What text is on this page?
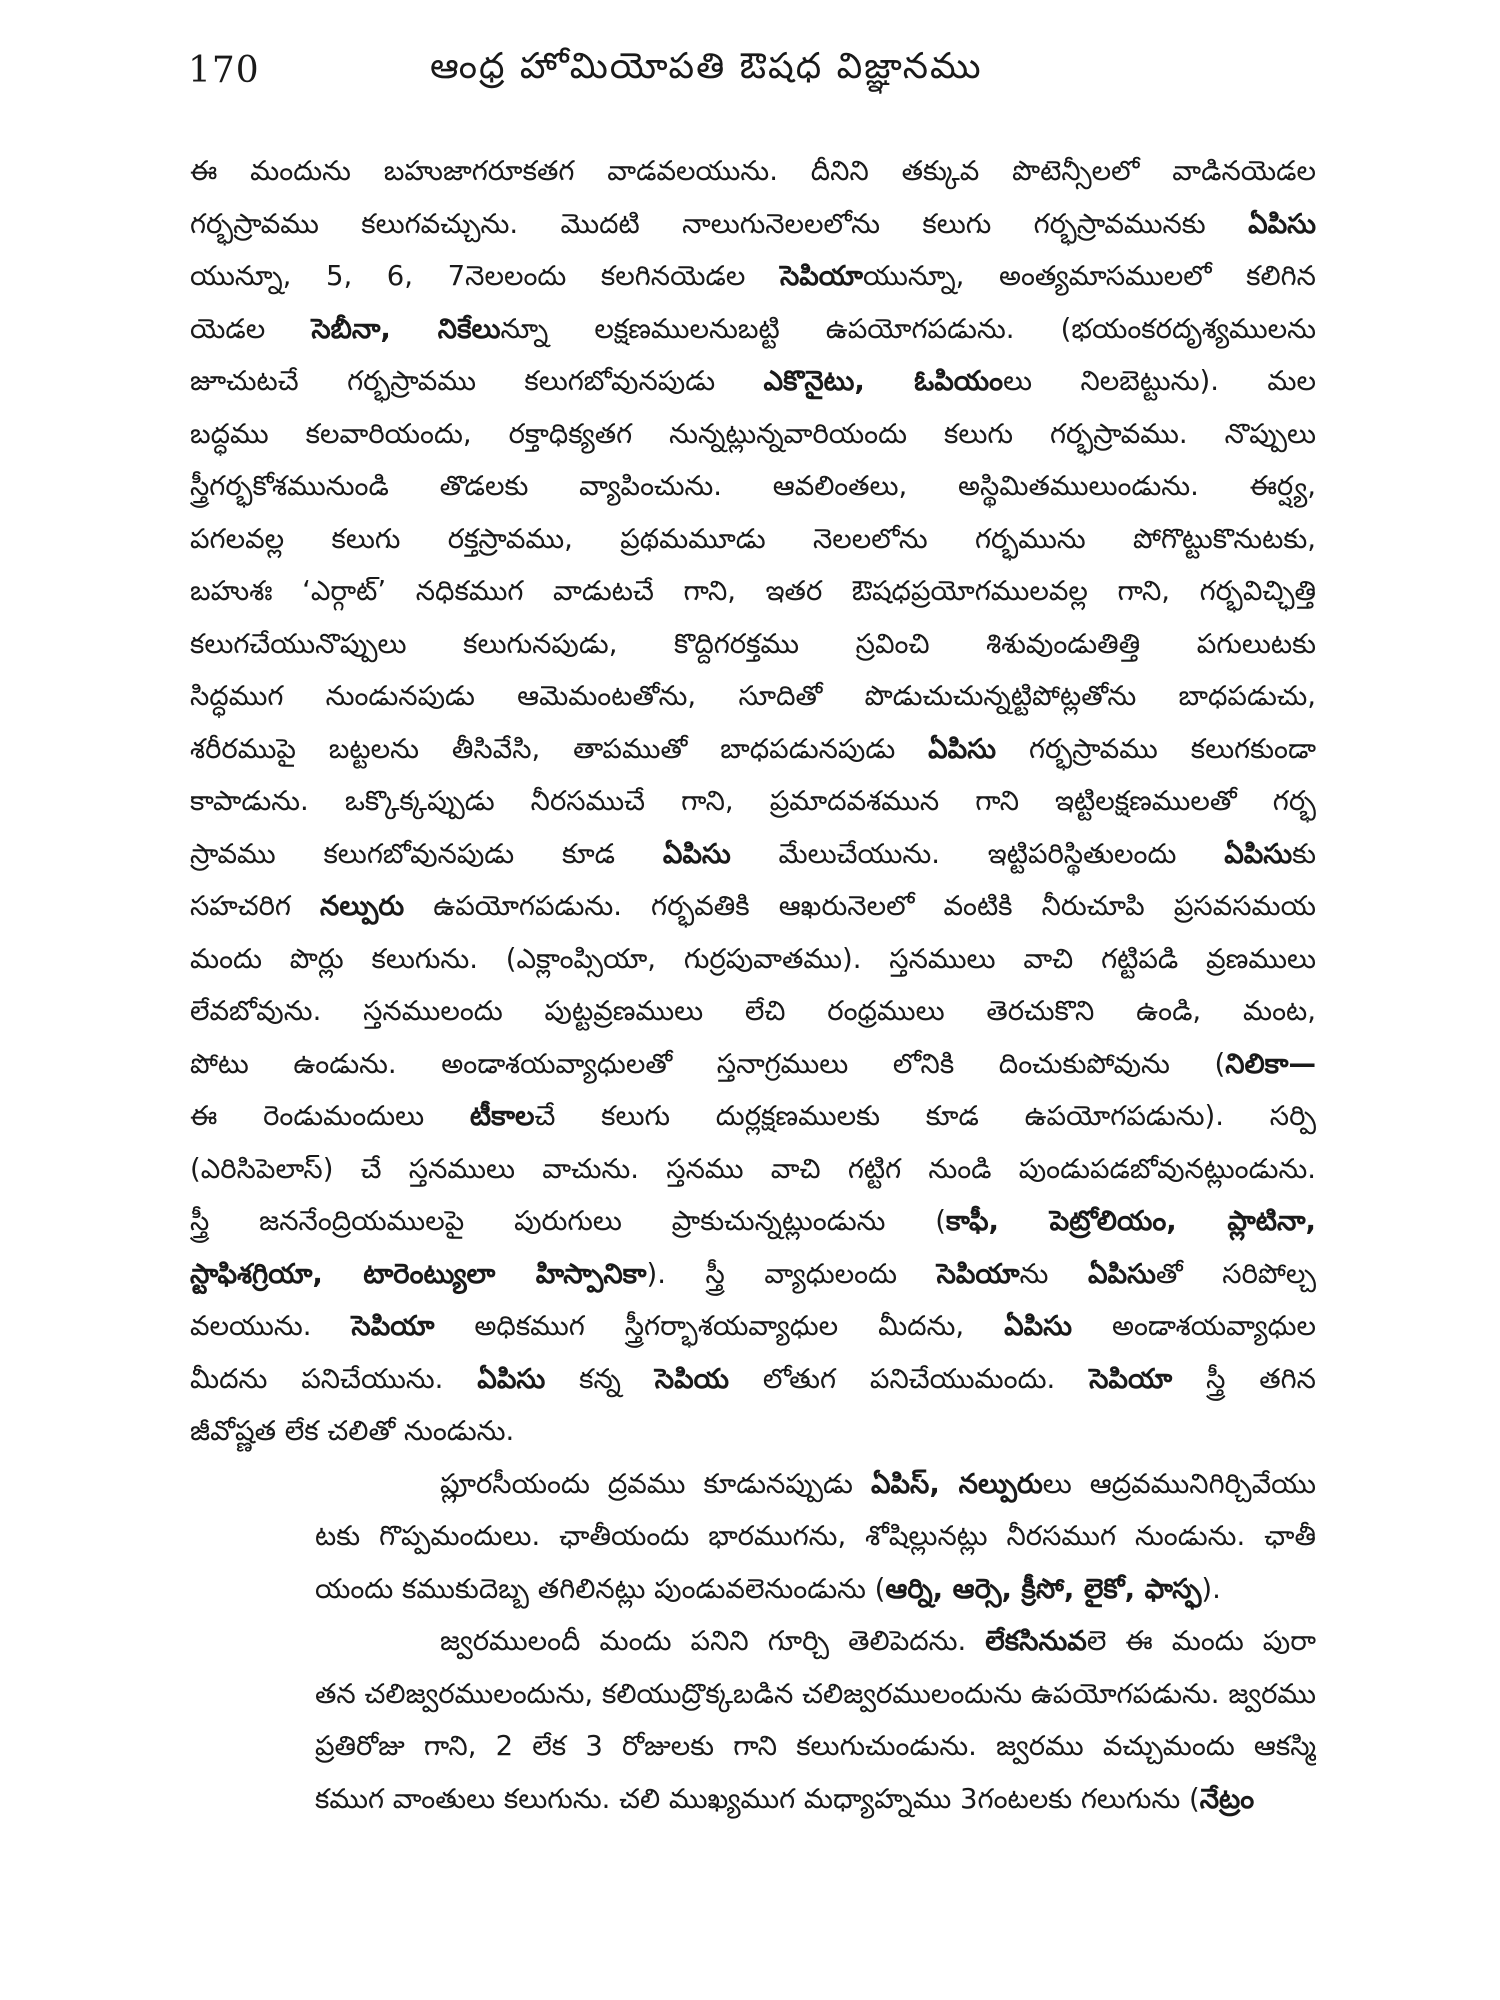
170	ఆంధ్ర హోమియోపతి ఔషధ విజ్ఞానము
ఈ మందును బహుజాగరూకతగ వాడవలయును. దీనిని తక్కువ పొటెన్సీలలో వాడినయెడల
గర్భస్రావము కలుగవచ్చును. మొదటి నాలుగునెలలలోను కలుగు గర్భస్రావమునకు ఏపిసు
యున్నూ, 5, 6, 7నెలలందు కలగినయెడల సెపియాయున్నూ, అంత్యమాసములలో కలిగిన
యెడల సెబీనా, నికేలున్నూ లక్షణములనుబట్టి ఉపయోగపడును. (భయంకరదృశ్యములను
జూచుటచే గర్భస్రావము కలుగబోవునపుడు ఎకొనైటు, ఓపియంలు నిలబెట్టును). మల
బద్ధము కలవారియందు, రక్తాధిక్యతగ నున్నట్లున్నవారియందు కలుగు గర్భస్రావము. నొప్పులు
స్త్రీగర్భకోశమునుండి తొడలకు వ్యాపించును. ఆవలింతలు, అస్థిమితములుండును. ఈర్ష్య,
పగలవల్ల కలుగు రక్తస్రావము, ప్రథమమూడు నెలలలోను గర్భమును పోగొట్టుకొనుటకు,
బహుశః ‘ఎర్గాట్’ నధికముగ వాడుటచే గాని, ఇతర ఔషధప్రయోగములవల్ల గాని, గర్భవిచ్ఛిత్తి
కలుగచేయునొప్పులు కలుగునపుడు, కొద్దిగరక్తము స్రవించి శిశువుండుతిత్తి పగులుటకు
సిద్ధముగ నుండునపుడు ఆమెమంటతోను, సూదితో పొడుచుచున్నట్టిపోట్లతోను బాధపడుచు,
శరీరముపై బట్టలను తీసివేసి, తాపముతో బాధపడునపుడు ఏపిసు గర్భస్రావము కలుగకుండా
కాపాడును. ఒక్కొక్కప్పుడు నీరసముచే గాని, ప్రమాదవశమున గాని ఇట్టిలక్షణములతో గర్భ
స్రావము కలుగబోవునపుడు కూడ ఏపిసు మేలుచేయును. ఇట్టిపరిస్థితులందు ఏపిసుకు
సహచరిగ నల్పురు ఉపయోగపడును. గర్భవతికి ఆఖరునెలలో వంటికి నీరుచూపి ప్రసవసమయ
మందు పొర్లు కలుగును. (ఎక్లాంప్సియా, గుర్రపువాతము). స్తనములు వాచి గట్టిపడి వ్రణములు
లేవబోవును. స్తనములందు పుట్టవ్రణములు లేచి రంధ్రములు తెరచుకొని ఉండి, మంట,
పోటు ఉండును. అండాశయవ్యాధులతో స్తనాగ్రములు లోనికి దించుకుపోవును (నిలికా—
ఈ రెండుమందులు టీకాలచే కలుగు దుర్లక్షణములకు కూడ ఉపయోగపడును). సర్పి
(ఎరిసిపెలాస్) చే స్తనములు వాచును. స్తనము వాచి గట్టిగ నుండి పుండుపడబోవునట్లుండును.
స్త్రీ జననేంద్రియములపై పురుగులు ప్రాకుచున్నట్లుండును (కాఫీ, పెట్రోలియం, ప్లాటినా,
స్టాఫిశగ్రియా, టారెంట్యులా హిస్పానికా). స్త్రీ వ్యాధులందు సెపియాను ఏపిసుతో సరిపోల్చ
వలయును. సెపియా అధికముగ స్త్రీగర్భాశయవ్యాధుల మీదను, ఏపిసు అండాశయవ్యాధుల
మీదను పనిచేయును. ఏపిసు కన్న సెపియ లోతుగ పనిచేయుమందు. సెపియా స్త్రీ తగిన
జీవోష్ణత లేక చలితో నుండును.
ప్లూరసీయందు ద్రవము కూడునప్పుడు ఏపిస్, నల్పురులు ఆద్రవమునిగిర్చివేయు
టకు గొప్పమందులు. ఛాతీయందు భారముగను, శోషిల్లునట్లు నీరసముగ నుండును. ఛాతీ
యందు కముకుదెబ్బ తగిలినట్లు పుండువలెనుండును (ఆర్ని, ఆర్సె, క్రీసో, లైకో, ఫాస్ఫ).
జ్వరములందీ మందు పనిని గూర్చి తెలిపెదను. లేకసినువలె ఈ మందు పురా
తన చలిజ్వరములందును, కలియుద్రొక్కబడిన చలిజ్వరములందును ఉపయోగపడును. జ్వరము
ప్రతిరోజు గాని, 2 లేక 3 రోజులకు గాని కలుగుచుండును. జ్వరము వచ్చుమందు ఆకస్మి
కముగ వాంతులు కలుగును. చలి ముఖ్యముగ మధ్యాహ్నము 3గంటలకు గలుగును (నేట్రం
